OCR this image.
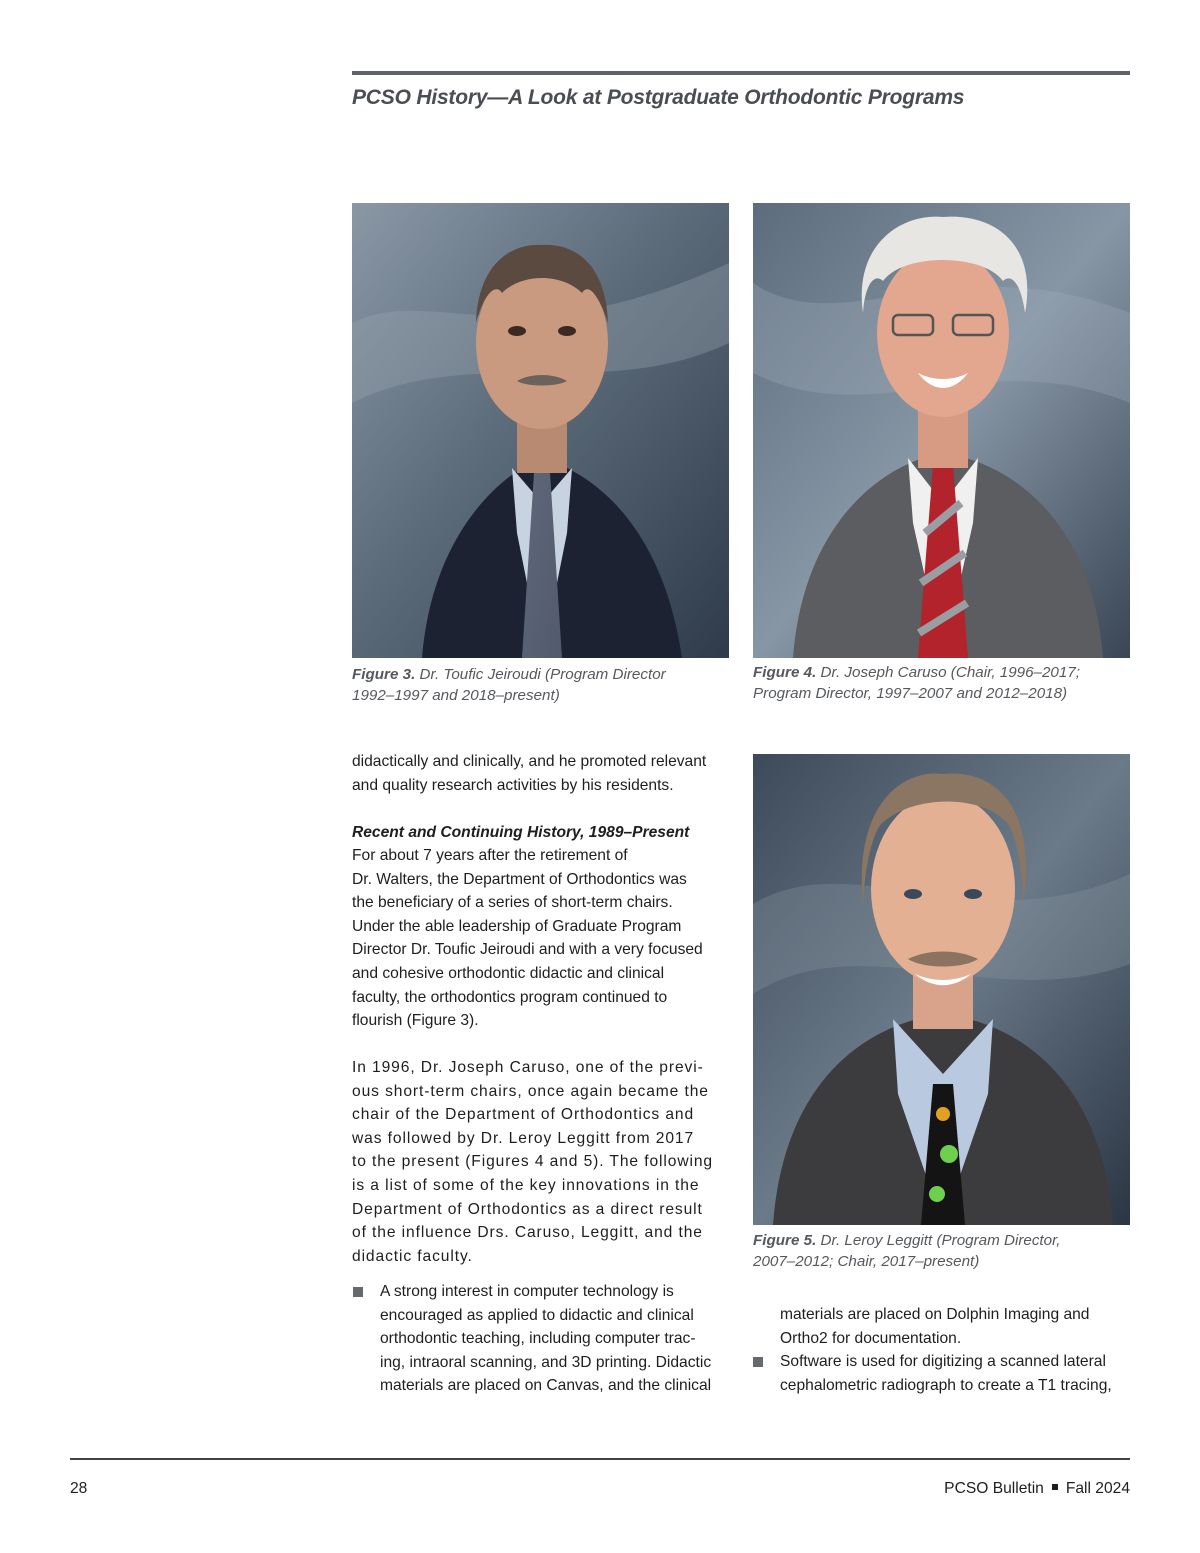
PCSO History—A Look at Postgraduate Orthodontic Programs

Figure 3. Dr. Toufic Jeiroudi (Program Director
1992–1997 and 2018–present)

Figure 4. Dr. Joseph Caruso (Chair, 1996–2017;
Program Director, 1997–2007 and 2012–2018)

Figure 5. Dr. Leroy Leggitt (Program Director,
2007–2012; Chair, 2017–present)

didactically and clinically, and he promoted relevant
and quality research activities by his residents.

Recent and Continuing History, 1989–Present

For about 7 years after the retirement of
Dr. Walters, the Department of Orthodontics was
the beneficiary of a series of short-term chairs.
Under the able leadership of Graduate Program
Director Dr. Toufic Jeiroudi and with a very focused
and cohesive orthodontic didactic and clinical
faculty, the orthodontics program continued to
flourish (Figure 3).

In 1996, Dr. Joseph Caruso, one of the previ-
ous short-term chairs, once again became the
chair of the Department of Orthodontics and
was followed by Dr. Leroy Leggitt from 2017
to the present (Figures 4 and 5). The following
is a list of some of the key innovations in the
Department of Orthodontics as a direct result
of the influence Drs. Caruso, Leggitt, and the
didactic faculty.

A strong interest in computer technology is
encouraged as applied to didactic and clinical
orthodontic teaching, including computer trac-
ing, intraoral scanning, and 3D printing. Didactic
materials are placed on Canvas, and the clinical

materials are placed on Dolphin Imaging and
Ortho2 for documentation.

Software is used for digitizing a scanned lateral
cephalometric radiograph to create a T1 tracing,

28	PCSO Bulletin Fall 2024
